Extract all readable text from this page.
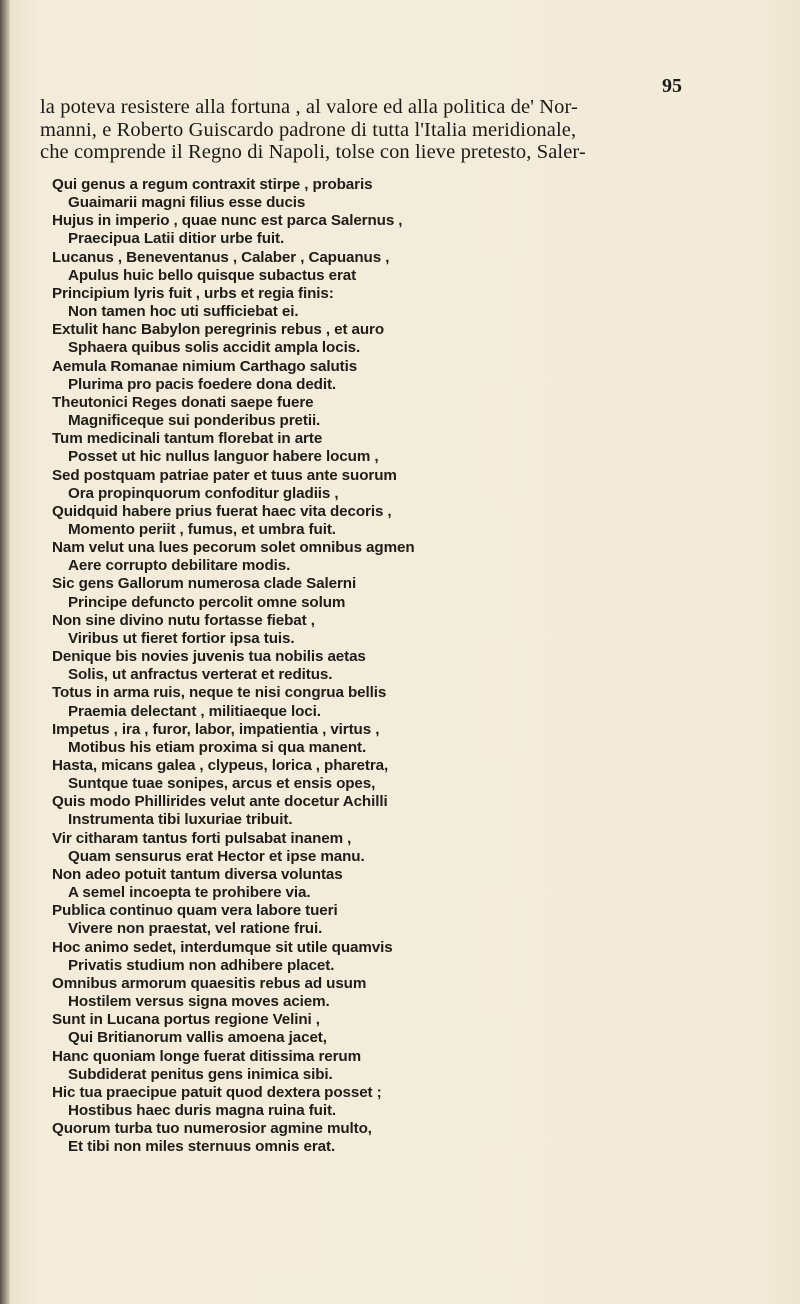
95
la poteva resistere alla fortuna , al valore ed alla politica de' Nor-
manni, e Roberto Guiscardo padrone di tutta l'Italia meridionale,
che comprende il Regno di Napoli, tolse con lieve pretesto, Saler-
Qui genus a regum contraxit stirpe , probaris
Guaimarii magni filius esse ducis
Hujus in imperio , quae nunc est parca Salernus ,
Praecipua Latii ditior urbe fuit.
Lucanus , Beneventanus , Calaber , Capuanus ,
Apulus huic bello quisque subactus erat
Principium lyris fuit , urbs et regia finis:
Non tamen hoc uti sufficiebat ei.
Extulit hanc Babylon peregrinis rebus , et auro
Sphaera quibus solis accidit ampla locis.
Aemula Romanae nimium Carthago salutis
Plurima pro pacis foedere dona dedit.
Theutonici Reges donati saepe fuere
Magnificeque sui ponderibus pretii.
Tum medicinali tantum florebat in arte
Posset ut hic nullus languor habere locum ,
Sed postquam patriae pater et tuus ante suorum
Ora propinquorum confoditur gladiis ,
Quidquid habere prius fuerat haec vita decoris ,
Momento periit , fumus, et umbra fuit.
Nam velut una lues pecorum solet omnibus agmen
Aere corrupto debilitare modis.
Sic gens Gallorum numerosa clade Salerni
Principe defuncto percolit omne solum
Non sine divino nutu fortasse fiebat ,
Viribus ut fieret fortior ipsa tuis.
Denique bis novies juvenis tua nobilis aetas
Solis, ut anfractus verterat et reditus.
Totus in arma ruis, neque te nisi congrua bellis
Praemia delectant , militiaeque loci.
Impetus , ira , furor, labor, impatientia , virtus ,
Motibus his etiam proxima si qua manent.
Hasta, micans galea , clypeus, lorica , pharetra,
Suntque tuae sonipes, arcus et ensis opes,
Quis modo Phillirides velut ante docetur Achilli
Instrumenta tibi luxuriae tribuit.
Vir citharam tantus forti pulsabat inanem ,
Quam sensurus erat Hector et ipse manu.
Non adeo potuit tantum diversa voluntas
A semel incoepta te prohibere via.
Publica continuo quam vera labore tueri
Vivere non praestat, vel ratione frui.
Hoc animo sedet, interdumque sit utile quamvis
Privatis studium non adhibere placet.
Omnibus armorum quaesitis rebus ad usum
Hostilem versus signa moves aciem.
Sunt in Lucana portus regione Velini ,
Qui Britianorum vallis amoena jacet,
Hanc quoniam longe fuerat ditissima rerum
Subdiderat penitus gens inimica sibi.
Hic tua praecipue patuit quod dextera posset ;
Hostibus haec duris magna ruina fuit.
Quorum turba tuo numerosior agmine multo,
Et tibi non miles sternuus omnis erat.
